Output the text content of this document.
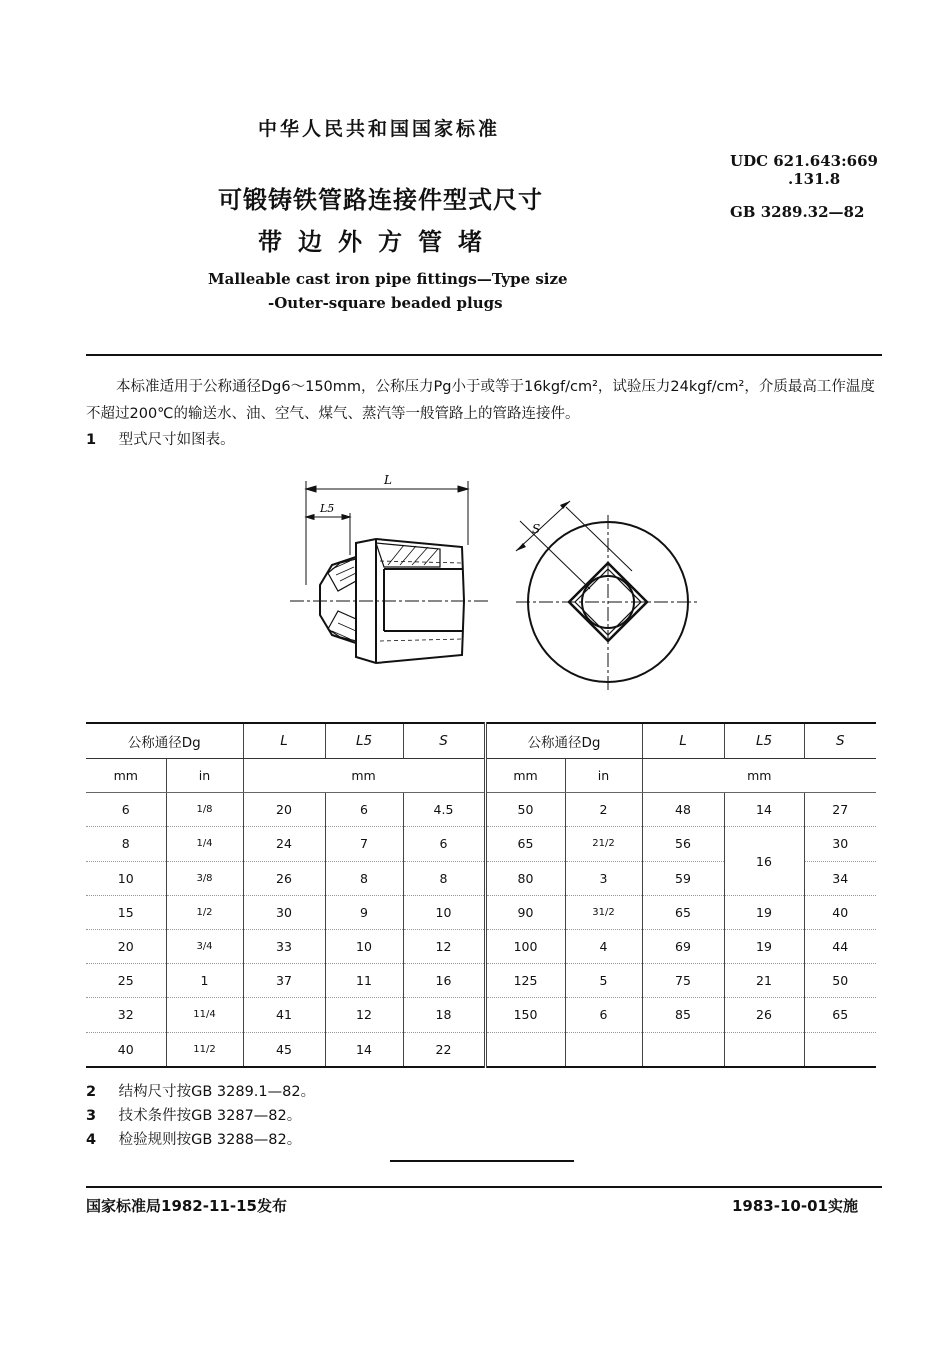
中华人民共和国国家标准
UDC 621.643:669
.131.8
GB 3289.32—82
可锻铸铁管路连接件型式尺寸
带边外方管堵
Malleable cast iron pipe fittings—Type size
-Outer-square beaded plugs
本标准适用于公称通径Dg6～150mm，公称压力Pg小于或等于16kgf/cm²，试验压力24kgf/cm²，介质最高工作温度不超过200℃的输送水、油、空气、煤气、蒸汽等一般管路上的管路连接件。
1 型式尺寸如图表。
L
L5
S
公称通径Dg		L	L5	S	公称通径Dg		L	L5	S
mm	in	mm			mm	in	mm		
6	1/8	20	6	4.5	50	2	48	14	27
8	1/4	24	7	6	65	21/2	56	16	30
10	3/8	26	8	8	80	3	59		34
15	1/2	30	9	10	90	31/2	65	19	40
20	3/4	33	10	12	100	4	69	19	44
25	1	37	11	16	125	5	75	21	50
32	11/4	41	12	18	150	6	85	26	65
40	11/2	45	14	22					
2 结构尺寸按GB 3289.1—82。
3 技术条件按GB 3287—82。
4 检验规则按GB 3288—82。
国家标准局1982-11-15发布	1983-10-01实施
